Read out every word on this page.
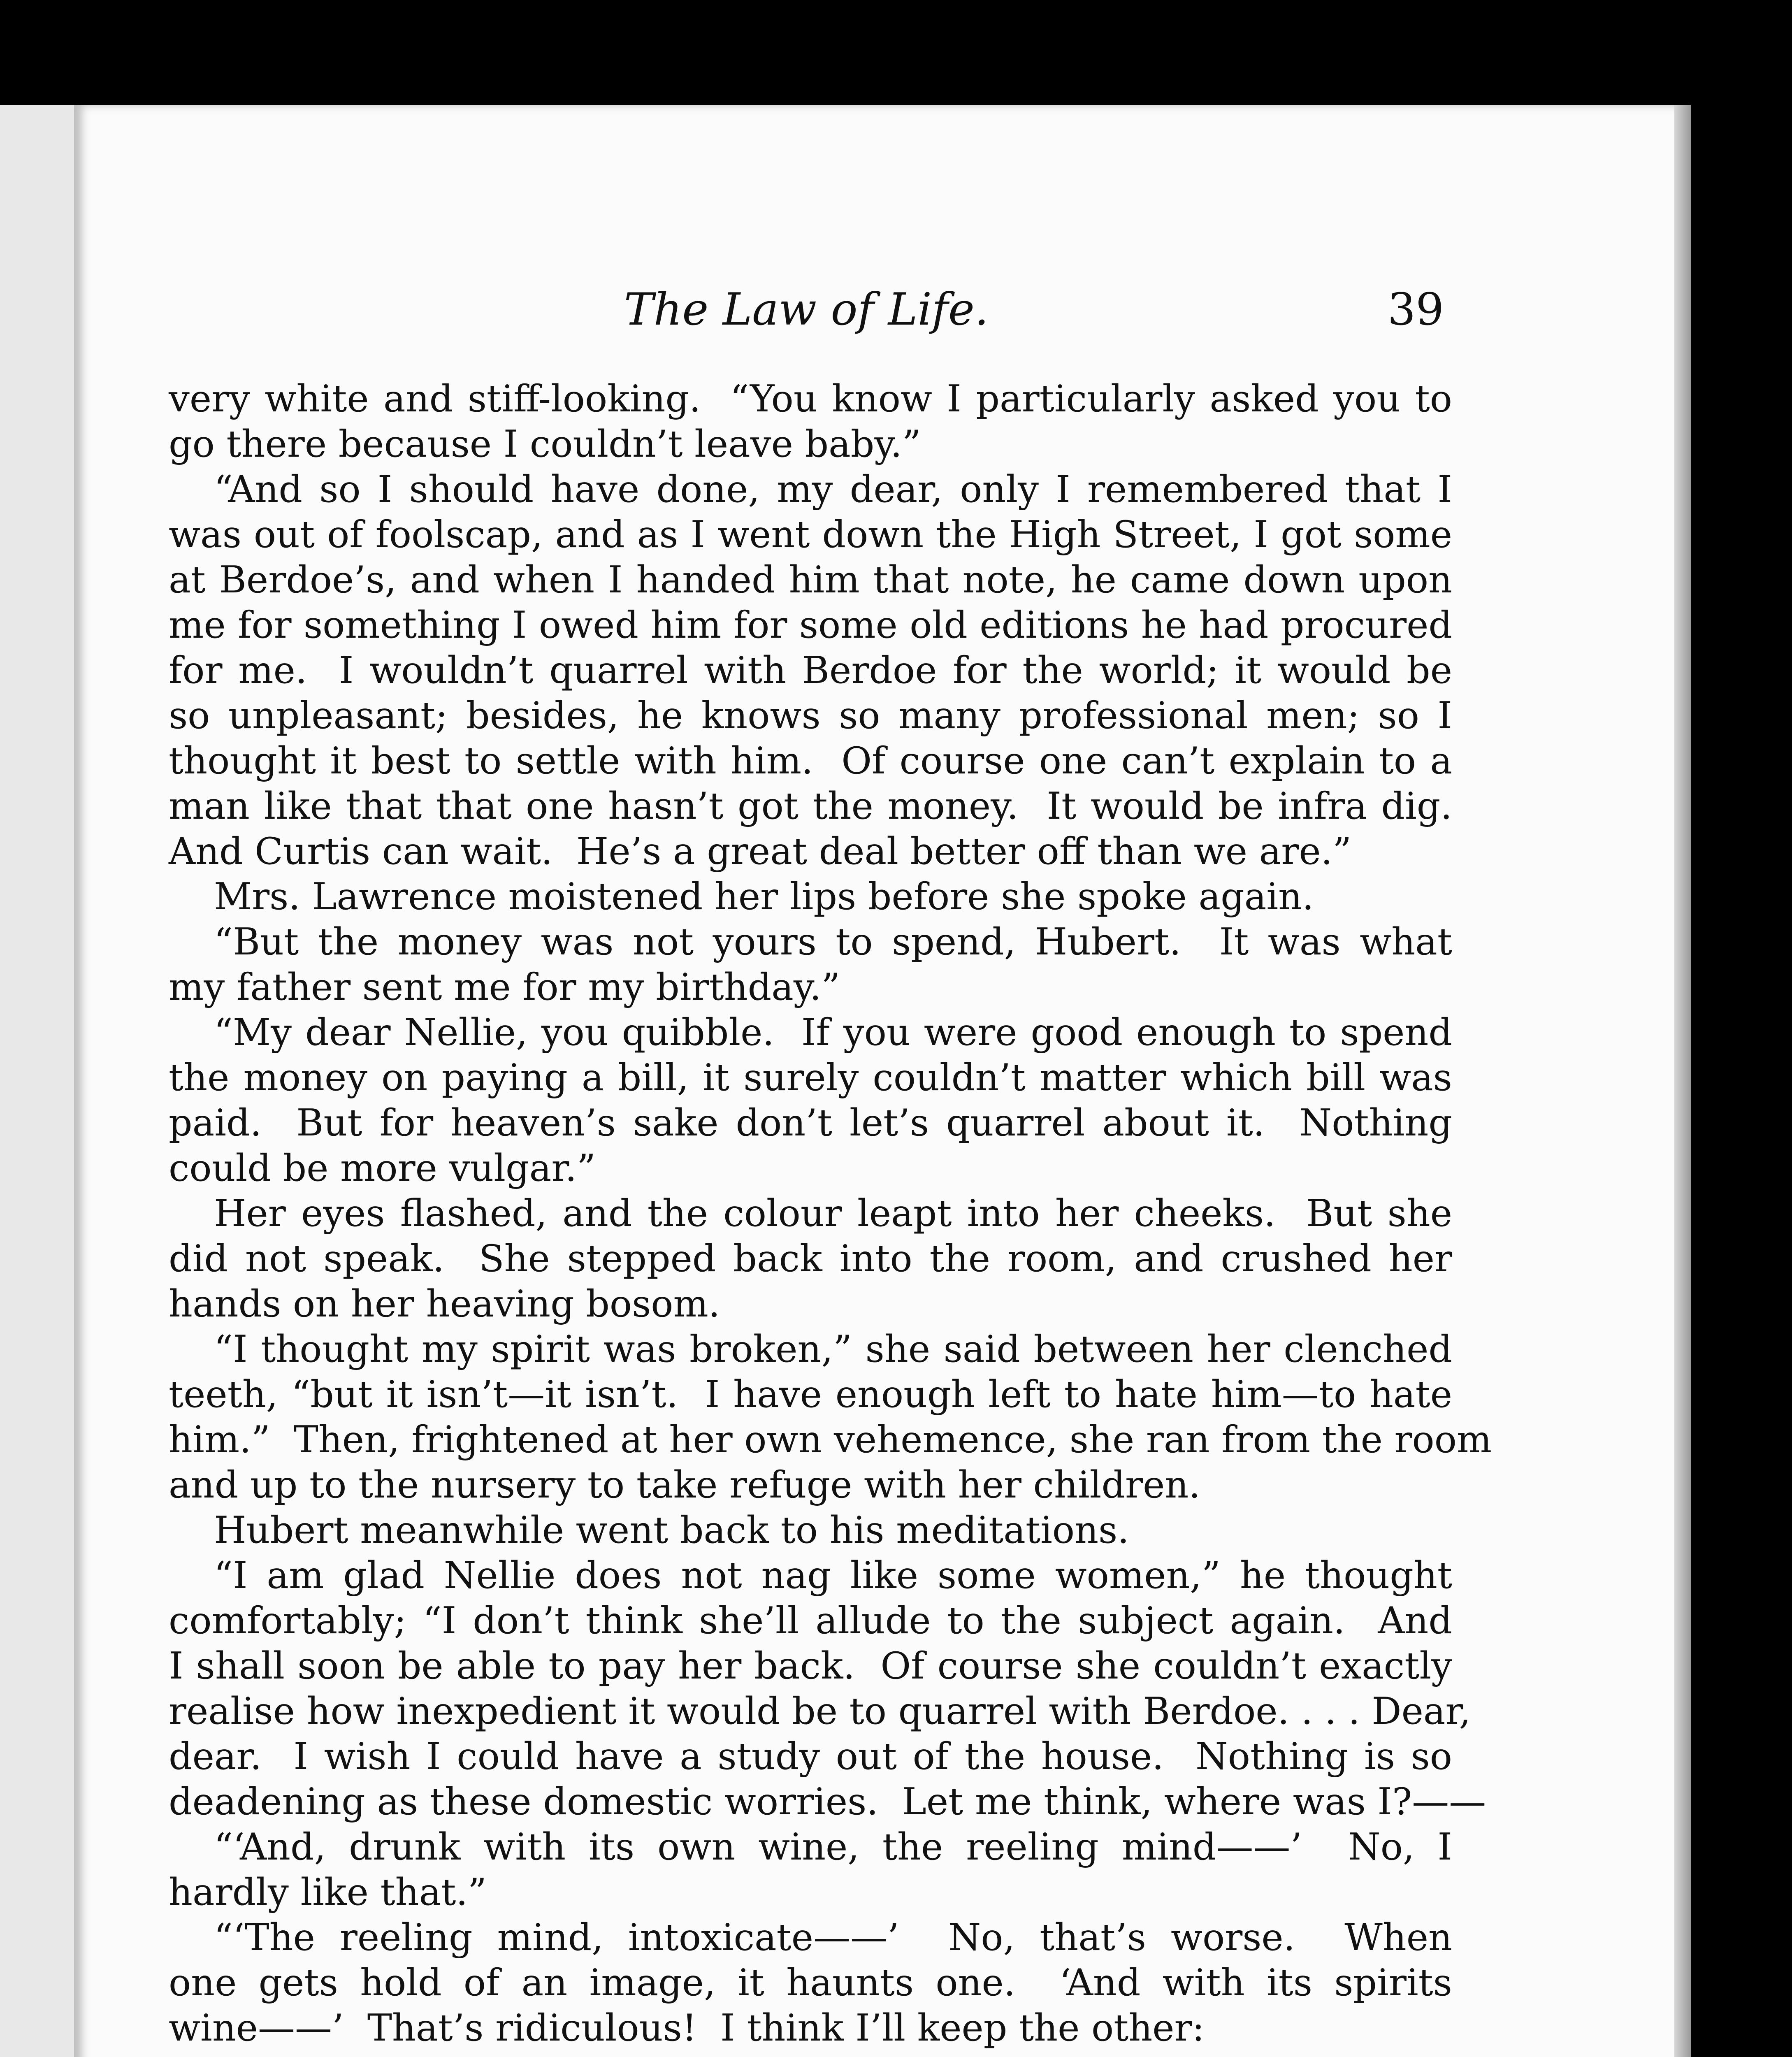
The Law of Life.	39
very white and stiff-looking.  “You know I particularly asked you to
go there because I couldn’t leave baby.”
“And so I should have done, my dear, only I remembered that I
was out of foolscap, and as I went down the High Street, I got some
at Berdoe’s, and when I handed him that note, he came down upon
me for something I owed him for some old editions he had procured
for me.  I wouldn’t quarrel with Berdoe for the world; it would be
so unpleasant; besides, he knows so many professional men; so I
thought it best to settle with him.  Of course one can’t explain to a
man like that that one hasn’t got the money.  It would be infra dig.
And Curtis can wait.  He’s a great deal better off than we are.”
Mrs. Lawrence moistened her lips before she spoke again.
“But the money was not yours to spend, Hubert.  It was what
my father sent me for my birthday.”
“My dear Nellie, you quibble.  If you were good enough to spend
the money on paying a bill, it surely couldn’t matter which bill was
paid.  But for heaven’s sake don’t let’s quarrel about it.  Nothing
could be more vulgar.”
Her eyes flashed, and the colour leapt into her cheeks.  But she
did not speak.  She stepped back into the room, and crushed her
hands on her heaving bosom.
“I thought my spirit was broken,” she said between her clenched
teeth, “but it isn’t—it isn’t.  I have enough left to hate him—to hate
him.”  Then, frightened at her own vehemence, she ran from the room
and up to the nursery to take refuge with her children.
Hubert meanwhile went back to his meditations.
“I am glad Nellie does not nag like some women,” he thought
comfortably; “I don’t think she’ll allude to the subject again.  And
I shall soon be able to pay her back.  Of course she couldn’t exactly
realise how inexpedient it would be to quarrel with Berdoe. . . . Dear,
dear.  I wish I could have a study out of the house.  Nothing is so
deadening as these domestic worries.  Let me think, where was I?——
“‘And, drunk with its own wine, the reeling mind——’  No, I
hardly like that.”
“‘The reeling mind, intoxicate——’  No, that’s worse.  When
one gets hold of an image, it haunts one.  ‘And with its spirits
wine——’  That’s ridiculous!  I think I’ll keep the other:
